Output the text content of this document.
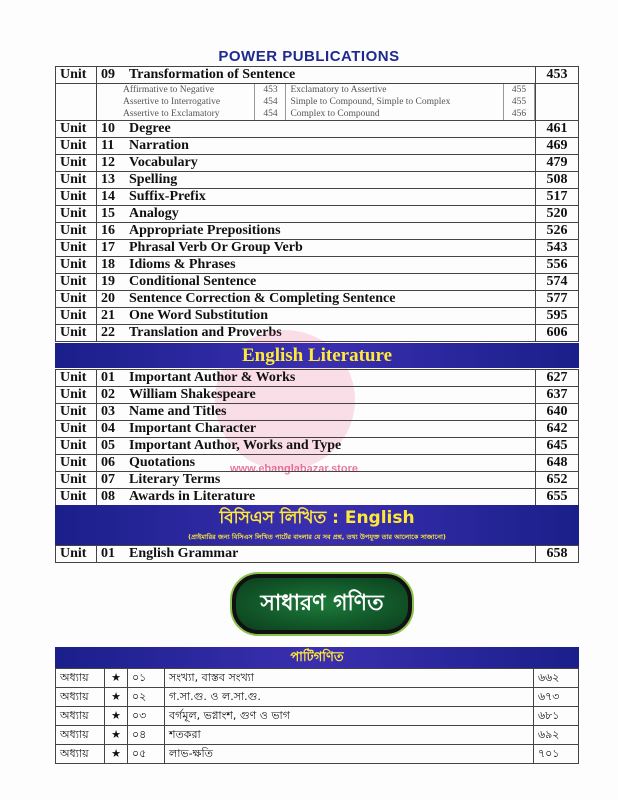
POWER PUBLICATIONS
Unit	09	Transformation of Sentence	453

Affirmative to Negative	453	Exclamatory to Assertive	455
Assertive to Interrogative	454	Simple to Compound, Simple to Complex	455
Assertive to Exclamatory	454	Complex to Compound	456

Unit	10	Degree	461
Unit	11	Narration	469
Unit	12	Vocabulary	479
Unit	13	Spelling	508
Unit	14	Suffix-Prefix	517
Unit	15	Analogy	520
Unit	16	Appropriate Prepositions	526
Unit	17	Phrasal Verb Or Group Verb	543
Unit	18	Idioms & Phrases	556
Unit	19	Conditional Sentence	574
Unit	20	Sentence Correction & Completing Sentence	577
Unit	21	One Word Substitution	595
Unit	22	Translation and Proverbs	606
www.ebanglabazar.store
English Literature
Unit	01	Important Author & Works	627
Unit	02	William Shakespeare	637
Unit	03	Name and Titles	640
Unit	04	Important Character	642
Unit	05	Important Author, Works and Type	645
Unit	06	Quotations	648
Unit	07	Literary Terms	652
Unit	08	Awards in Literature	655
বিসিএস লিখিত : English
(প্রাইমারির জন্য বিসিএস লিখিত পার্টের বাংলার যে সব প্রশ্ন, তথ্য উপযুক্ত তার আলোকে সাজানো)
Unit	01	English Grammar	658
সাধারণ গণিত
পাটিগণিত
অধ্যায়	★	০১	সংখ্যা, বাস্তব সংখ্যা	৬৬২
অধ্যায়	★	০২	গ.সা.গু. ও ল.সা.গু.	৬৭৩
অধ্যায়	★	০৩	বর্গমূল, ভগ্নাংশ, গুণ ও ভাগ	৬৮১
অধ্যায়	★	০৪	শতকরা	৬৯২
অধ্যায়	★	০৫	লাভ-ক্ষতি	৭০১
